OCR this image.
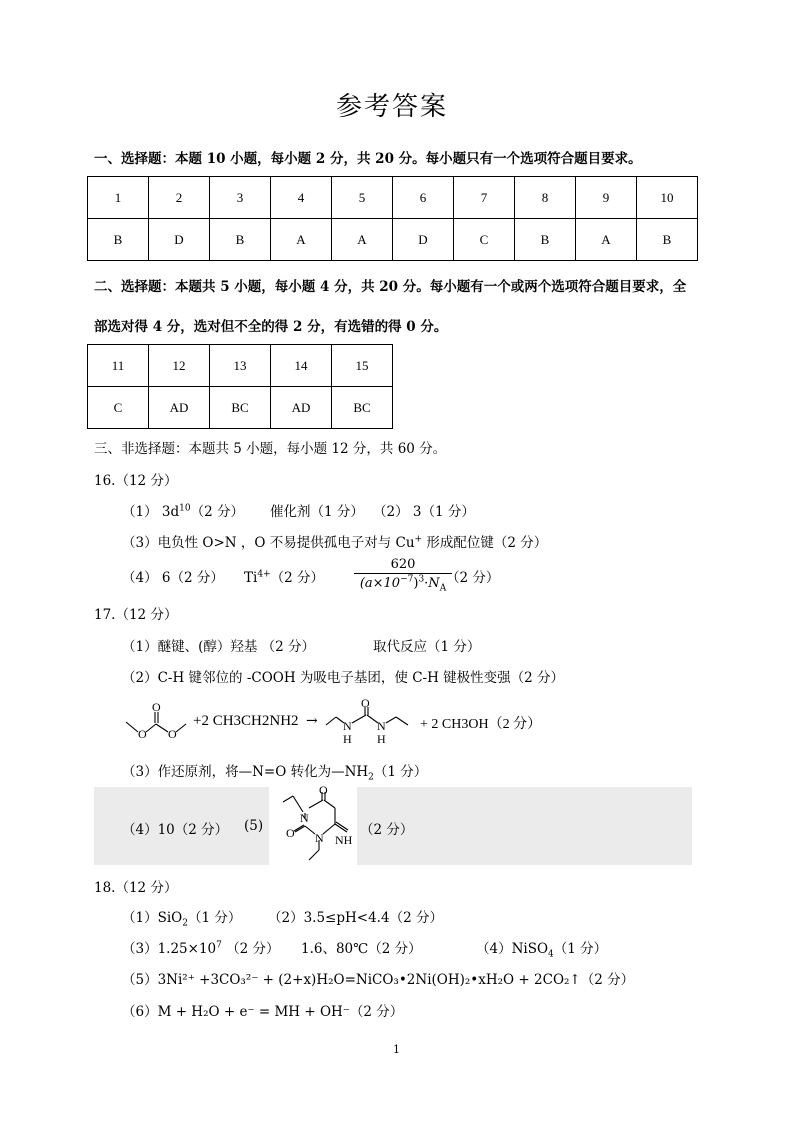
参考答案
一、选择题：本题 10 小题，每小题 2 分，共 20 分。每小题只有一个选项符合题目要求。
1	2	3	4	5	6	7	8	9	10
B	D	B	A	A	D	C	B	A	B
二、选择题：本题共 5 小题，每小题 4 分，共 20 分。每小题有一个或两个选项符合题目要求，全
部选对得 4 分，选对但不全的得 2 分，有选错的得 0 分。
11	12	13	14	15
C	AD	BC	AD	BC
三、非选择题：本题共 5 小题，每小题 12 分，共 60 分。
16.（12 分）
（1） $3d^{10}(2$ 分） 催化剂（1 分） （2） 3（1 分）
（3）电负性 O>N ，O 不易提供孤电子对与 Cu+ 形成配位键（2 分）
（4） 6（2 分） $Ti^{4+}(2$ 分）
620
$(a\times 10^{-7})^3\cdot N_A$
（2 分）
17.（12 分）
（1）醚键、(醇）羟基 （2 分）	取代反应（1 分）
（2）C-H 键邻位的 -COOH 为吸电子基团，使 C-H 键极性变强（2 分）
O
O
O
+2 CH3CH2NH2 →
O
N
H
N
H
+ 2 CH3OH（2 分）
（3）作还原剂，将—N=O 转化为$—NH_2(1$ 分）
（4）10（2 分） (5)
O
N
O N NH
（2 分）
18.（12 分）
（1）SiO$_2$（1 分） （2）3.5≤pH<4.4（2 分）
$(3)1.25\times 10^7$ （2 分） 1.6、80℃（2 分）	（4）NiSO$_4$（1 分）
（5）3Ni²⁺ +3CO₃²⁻ + (2+x)H₂O=NiCO₃•2Ni(OH)₂•xH₂O + 2CO₂↑（2 分）
（6）M + H₂O + e⁻ = MH + OH⁻（2 分）
1
